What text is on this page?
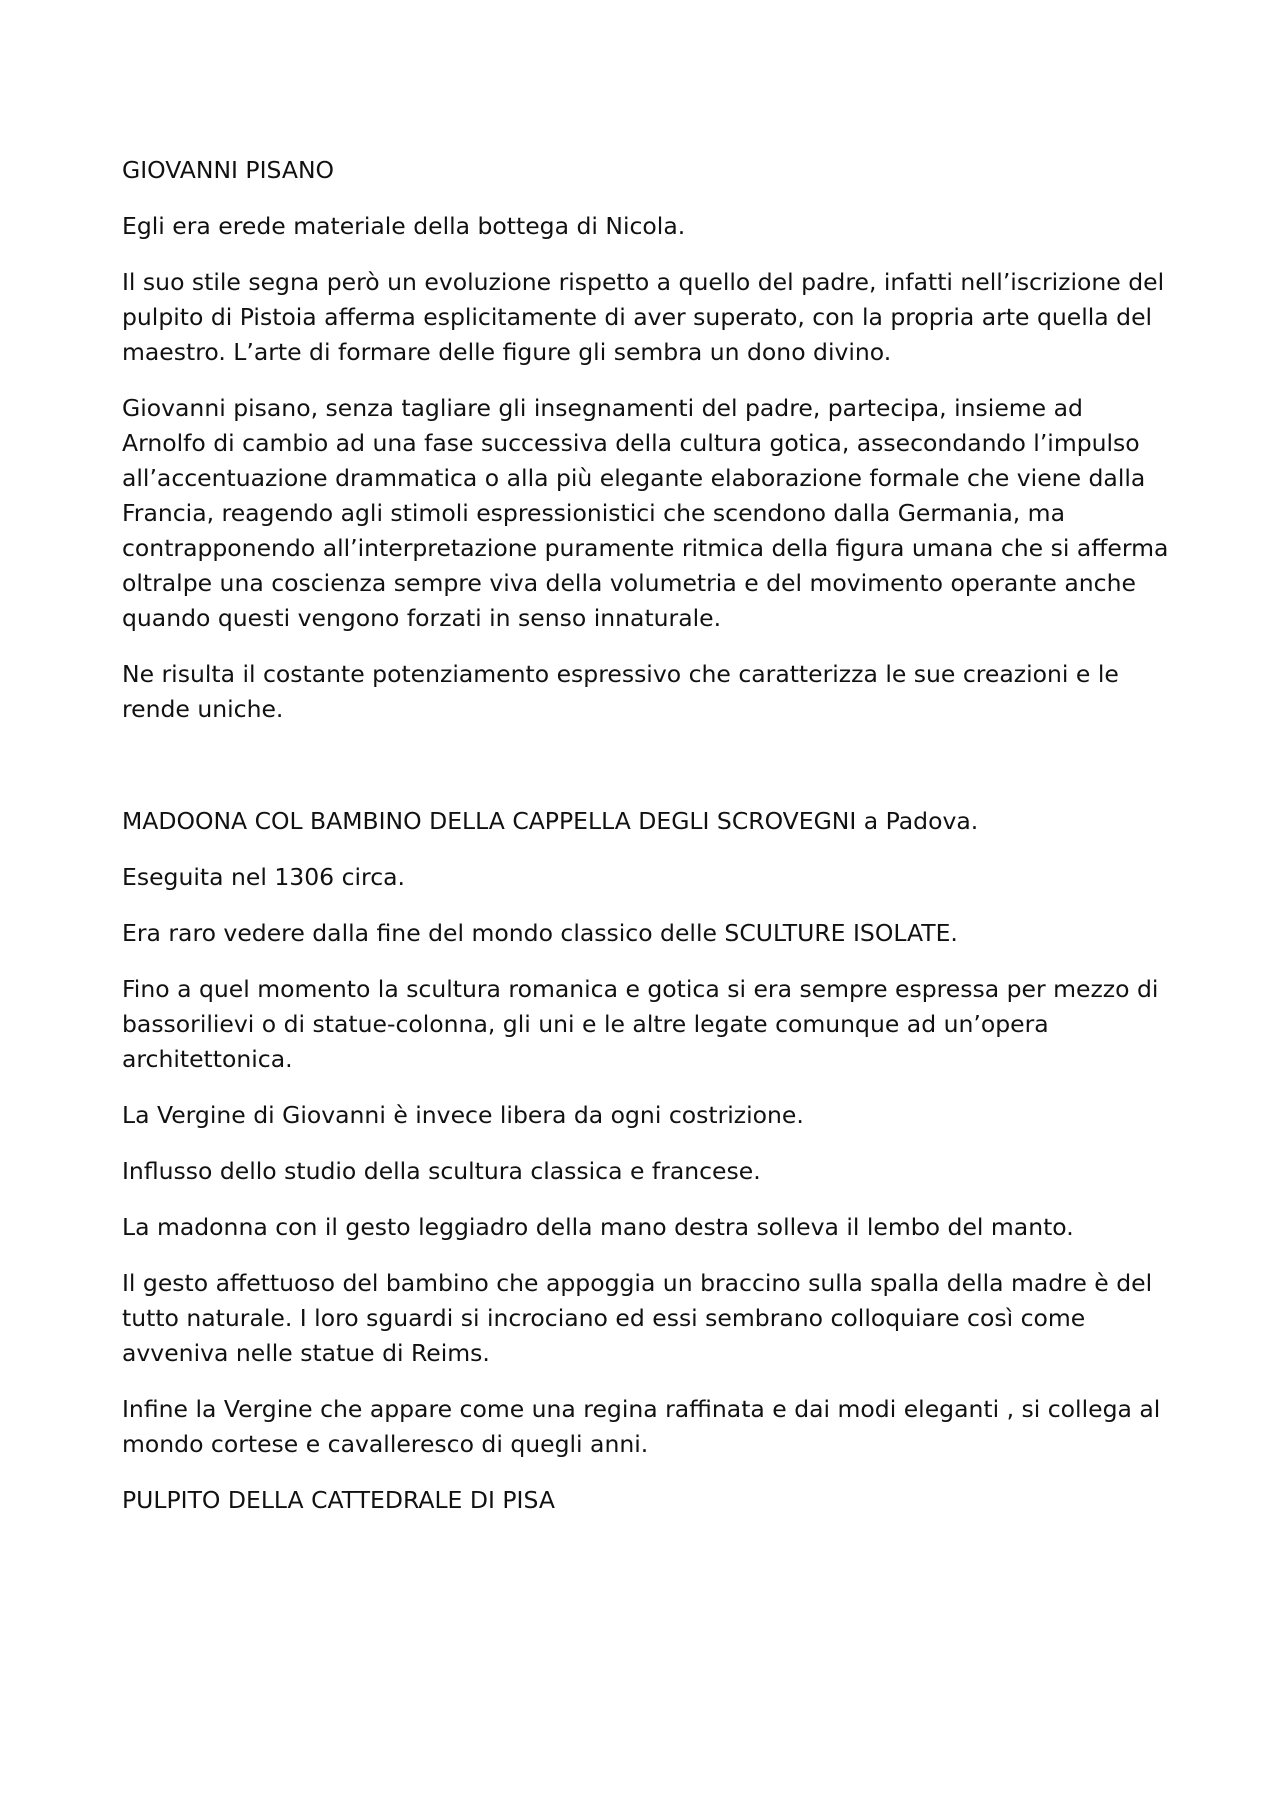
GIOVANNI PISANO

Egli era erede materiale della bottega di Nicola.

Il suo stile segna però un evoluzione rispetto a quello del padre, infatti nell’iscrizione del pulpito di Pistoia afferma esplicitamente di aver superato, con la propria arte quella del maestro. L’arte di formare delle figure gli sembra un dono divino.

Giovanni pisano, senza tagliare gli insegnamenti del padre, partecipa, insieme ad Arnolfo di cambio ad una fase successiva della cultura gotica, assecondando l’impulso all’accentuazione drammatica o alla più elegante elaborazione formale che viene dalla Francia, reagendo agli stimoli espressionistici che scendono dalla Germania, ma contrapponendo all’interpretazione puramente ritmica della figura umana che si afferma oltralpe una coscienza sempre viva della volumetria e del movimento operante anche quando questi vengono forzati in senso innaturale.

Ne risulta il costante potenziamento espressivo che caratterizza le sue creazioni e le rende uniche.

MADOONA COL BAMBINO DELLA CAPPELLA DEGLI SCROVEGNI a Padova.

Eseguita nel 1306 circa.

Era raro vedere dalla fine del mondo classico delle SCULTURE ISOLATE.

Fino a quel momento la scultura romanica e gotica si era sempre espressa per mezzo di bassorilievi o di statue-colonna, gli uni e le altre legate comunque ad un’opera architettonica.

La Vergine di Giovanni è invece libera da ogni costrizione.

Influsso dello studio della scultura classica e francese.

La madonna con il gesto leggiadro della mano destra solleva il lembo del manto.

Il gesto affettuoso del bambino che appoggia un braccino sulla spalla della madre è del tutto naturale. I loro sguardi si incrociano ed essi sembrano colloquiare così come avveniva nelle statue di Reims.

Infine la Vergine che appare come una regina raffinata e dai modi eleganti , si collega al mondo cortese e cavalleresco di quegli anni.

PULPITO DELLA CATTEDRALE DI PISA
